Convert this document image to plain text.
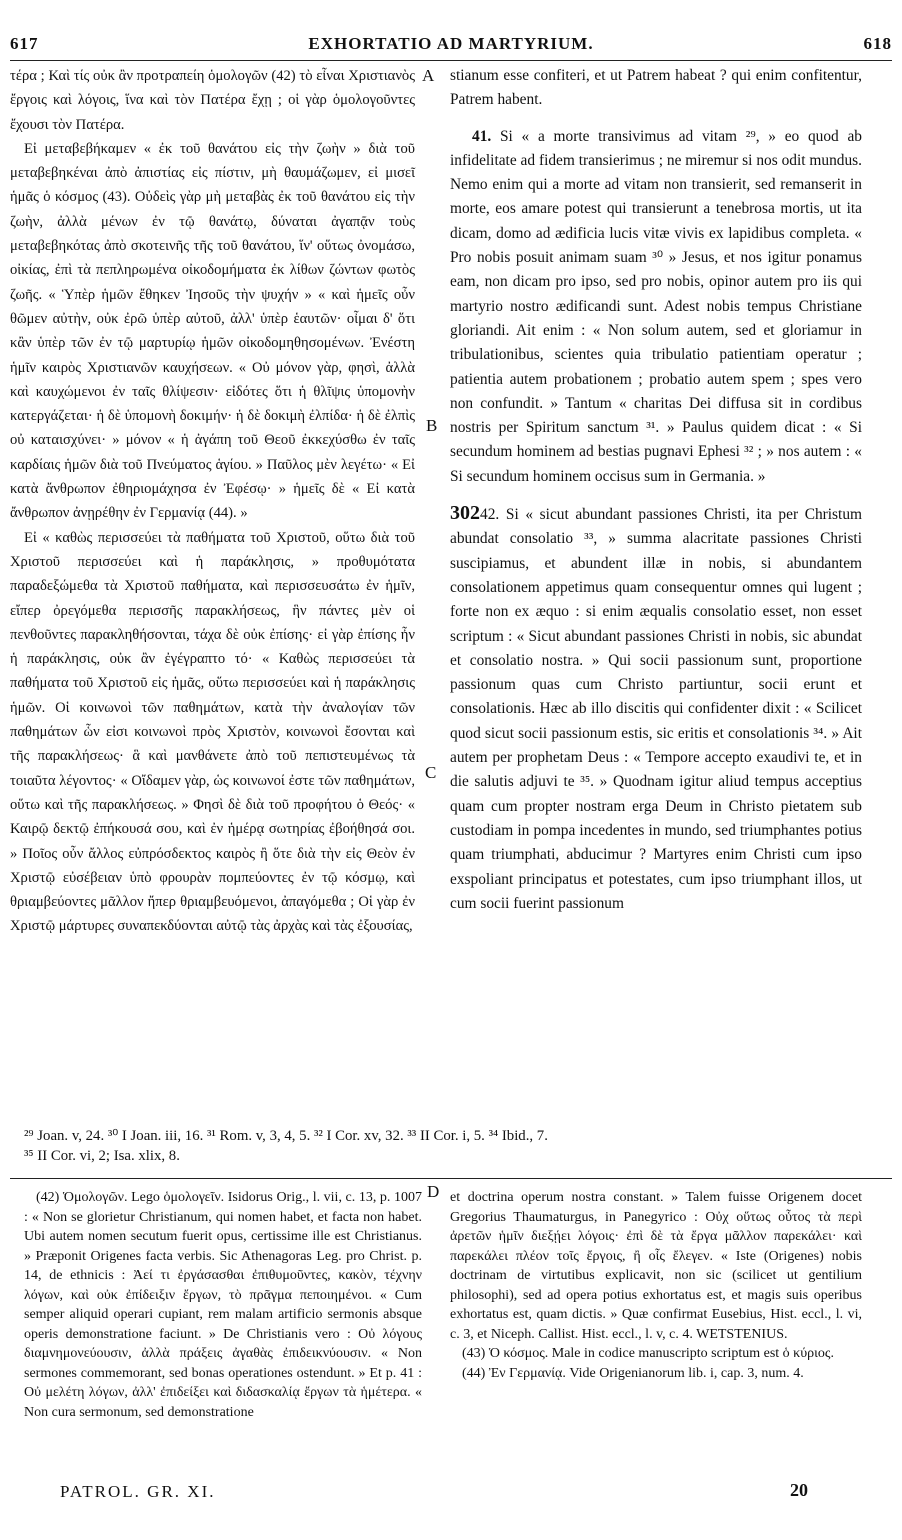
617	EXHORTATIO AD MARTYRIUM.	618

τέρα ; Καὶ τίς οὐκ ἂν προτραπείη ὁμολογῶν (42) τὸ εἶναι Χριστιανὸς ἔργοις καὶ λόγοις, ἵνα καὶ τὸν Πατέρα ἔχῃ ; οἱ γὰρ ὁμολογοῦντες ἔχουσι τὸν Πατέρα.

Εἰ μεταβεβήκαμεν « ἐκ τοῦ θανάτου εἰς τὴν ζωὴν » διὰ τοῦ μεταβεβηκέναι ἀπὸ ἀπιστίας εἰς πίστιν, μὴ θαυμάζωμεν, εἰ μισεῖ ἡμᾶς ὁ κόσμος (43). Οὐδεὶς γὰρ μὴ μεταβὰς ἐκ τοῦ θανάτου εἰς τὴν ζωὴν, ἀλλὰ μένων ἐν τῷ θανάτῳ, δύναται ἀγαπᾷν τοὺς μεταβεβηκότας ἀπὸ σκοτεινῆς τῆς τοῦ θανάτου, ἵν' οὕτως ὀνομάσω, οἰκίας, ἐπὶ τὰ πεπληρωμένα οἰκοδομήματα ἐκ λίθων ζώντων φωτὸς ζωῆς. « Ὑπὲρ ἡμῶν ἔθηκεν Ἰησοῦς τὴν ψυχήν » « καὶ ἡμεῖς οὖν θῶμεν αὐτὴν, οὐκ ἐρῶ ὑπὲρ αὐτοῦ, ἀλλ' ὑπὲρ ἑαυτῶν· οἶμαι δ' ὅτι κἂν ὑπὲρ τῶν ἐν τῷ μαρτυρίῳ ἡμῶν οἰκοδομηθησομένων. Ἐνέστη ἡμῖν καιρὸς Χριστιανῶν καυχήσεων. « Οὐ μόνον γὰρ, φησὶ, ἀλλὰ καὶ καυχώμενοι ἐν ταῖς θλίψεσιν· εἰδότες ὅτι ἡ θλῖψις ὑπομονὴν κατεργάζεται· ἡ δὲ ὑπομονὴ δοκιμήν· ἡ δὲ δοκιμὴ ἐλπίδα· ἡ δὲ ἐλπὶς οὐ καταισχύνει· » μόνον « ἡ ἀγάπη τοῦ Θεοῦ ἐκκεχύσθω ἐν ταῖς καρδίαις ἡμῶν διὰ τοῦ Πνεύματος ἁγίου. » Παῦλος μὲν λεγέτω· « Εἰ κατὰ ἄνθρωπον ἐθηριομάχησα ἐν Ἐφέσῳ· » ἡμεῖς δὲ « Εἰ κατὰ ἄνθρωπον ἀνῃρέθην ἐν Γερμανίᾳ (44). »

Εἰ « καθὼς περισσεύει τὰ παθήματα τοῦ Χριστοῦ, οὕτω διὰ τοῦ Χριστοῦ περισσεύει καὶ ἡ παράκλησις, » προθυμότατα παραδεξώμεθα τὰ Χριστοῦ παθήματα, καὶ περισσευσάτω ἐν ἡμῖν, εἴπερ ὀρεγόμεθα περισσῆς παρακλήσεως, ἣν πάντες μὲν οἱ πενθοῦντες παρακληθήσονται, τάχα δὲ οὐκ ἐπίσης· εἰ γὰρ ἐπίσης ἦν ἡ παράκλησις, οὐκ ἂν ἐγέγραπτο τό· « Καθὼς περισσεύει τὰ παθήματα τοῦ Χριστοῦ εἰς ἡμᾶς, οὕτω περισσεύει καὶ ἡ παράκλησις ἡμῶν. Οἱ κοινωνοὶ τῶν παθημάτων, κατὰ τὴν ἀναλογίαν τῶν παθημάτων ὧν εἰσι κοινωνοὶ πρὸς Χριστὸν, κοινωνοὶ ἔσονται καὶ τῆς παρακλήσεως· ἃ καὶ μανθάνετε ἀπὸ τοῦ πεπιστευμένως τὰ τοιαῦτα λέγοντος· « Οἴδαμεν γὰρ, ὡς κοινωνοί ἐστε τῶν παθημάτων, οὕτω καὶ τῆς παρακλήσεως. » Φησὶ δὲ διὰ τοῦ προφήτου ὁ Θεός· « Καιρῷ δεκτῷ ἐπήκουσά σου, καὶ ἐν ἡμέρᾳ σωτηρίας ἐβοήθησά σοι. » Ποῖος οὖν ἄλλος εὐπρόσδεκτος καιρὸς ἢ ὅτε διὰ τὴν εἰς Θεὸν ἐν Χριστῷ εὐσέβειαν ὑπὸ φρουρὰν πομπεύοντες ἐν τῷ κόσμῳ, καὶ θριαμβεύοντες μᾶλλον ἤπερ θριαμβευόμενοι, ἀπαγόμεθα ; Οἱ γὰρ ἐν Χριστῷ μάρτυρες συναπεκδύονται αὐτῷ τὰς ἀρχὰς καὶ τὰς ἐξουσίας,

A
B
C
D

stianum esse confiteri, et ut Patrem habeat ? qui enim confitentur, Patrem habent.

41. Si « a morte transivimus ad vitam ²⁹, » eo quod ab infidelitate ad fidem transierimus ; ne miremur si nos odit mundus. Nemo enim qui a morte ad vitam non transierit, sed remanserit in morte, eos amare potest qui transierunt a tenebrosa mortis, ut ita dicam, domo ad ædificia lucis vitæ vivis ex lapidibus completa. « Pro nobis posuit animam suam ³⁰ » Jesus, et nos igitur ponamus eam, non dicam pro ipso, sed pro nobis, opinor autem pro iis qui martyrio nostro ædificandi sunt. Adest nobis tempus Christiane gloriandi. Ait enim : « Non solum autem, sed et gloriamur in tribulationibus, scientes quia tribulatio patientiam operatur ; patientia autem probationem ; probatio autem spem ; spes vero non confundit. » Tantum « charitas Dei diffusa sit in cordibus nostris per Spiritum sanctum ³¹. » Paulus quidem dicat : « Si secundum hominem ad bestias pugnavi Ephesi ³² ; » nos autem : « Si secundum hominem occisus sum in Germania. »

30242. Si « sicut abundant passiones Christi, ita per Christum abundat consolatio ³³, » summa alacritate passiones Christi suscipiamus, et abundent illæ in nobis, si abundantem consolationem appetimus quam consequentur omnes qui lugent ; forte non ex æquo : si enim æqualis consolatio esset, non esset scriptum : « Sicut abundant passiones Christi in nobis, sic abundat et consolatio nostra. » Qui socii passionum sunt, proportione passionum quas cum Christo partiuntur, socii erunt et consolationis. Hæc ab illo discitis qui confidenter dixit : « Scilicet quod sicut socii passionum estis, sic eritis et consolationis ³⁴. » Ait autem per prophetam Deus : « Tempore accepto exaudivi te, et in die salutis adjuvi te ³⁵. » Quodnam igitur aliud tempus acceptius quam cum propter nostram erga Deum in Christo pietatem sub custodiam in pompa incedentes in mundo, sed triumphantes potius quam triumphati, abducimur ? Martyres enim Christi cum ipso exspoliant principatus et potestates, cum ipso triumphant illos, ut cum socii fuerint passionum

²⁹ Joan. v, 24. ³⁰ I Joan. iii, 16. ³¹ Rom. v, 3, 4, 5. ³² I Cor. xv, 32. ³³ II Cor. i, 5. ³⁴ Ibid., 7.
³⁵ II Cor. vi, 2; Isa. xlix, 8.

(42) Ὁμολογῶν. Lego ὁμολογεῖν. Isidorus Orig., l. vii, c. 13, p. 1007 : « Non se glorietur Christianum, qui nomen habet, et facta non habet. Ubi autem nomen secutum fuerit opus, certissime ille est Christianus. » Præponit Origenes facta verbis. Sic Athenagoras Leg. pro Christ. p. 14, de ethnicis : Ἀεί τι ἐργάσασθαι ἐπιθυμοῦντες, κακὸν, τέχνην λόγων, καὶ οὐκ ἐπίδειξιν ἔργων, τὸ πρᾶγμα πεποιημένοι. « Cum semper aliquid operari cupiant, rem malam artificio sermonis absque operis demonstratione faciunt. » De Christianis vero : Οὐ λόγους διαμνημονεύουσιν, ἀλλὰ πράξεις ἀγαθὰς ἐπιδεικνύουσιν. « Non sermones commemorant, sed bonas operationes ostendunt. » Et p. 41 : Οὐ μελέτη λόγων, ἀλλ' ἐπιδείξει καὶ διδασκαλίᾳ ἔργων τὰ ἡμέτερα. « Non cura sermonum, sed demonstratione

et doctrina operum nostra constant. » Talem fuisse Origenem docet Gregorius Thaumaturgus, in Panegyrico : Οὐχ οὕτως οὗτος τὰ περὶ ἀρετῶν ἡμῖν διεξῄει λόγοις· ἐπὶ δὲ τὰ ἔργα μᾶλλον παρεκάλει· καὶ παρεκάλει πλέον τοῖς ἔργοις, ἢ οἷς ἔλεγεν. « Iste (Origenes) nobis doctrinam de virtutibus explicavit, non sic (scilicet ut gentilium philosophi), sed ad opera potius exhortatus est, et magis suis operibus exhortatus est, quam dictis. » Quæ confirmat Eusebius, Hist. eccl., l. vi, c. 3, et Niceph. Callist. Hist. eccl., l. v, c. 4. WETSTENIUS.

(43) Ὁ κόσμος. Male in codice manuscripto scriptum est ὁ κύριος.

(44) Ἐν Γερμανίᾳ. Vide Origenianorum lib. i, cap. 3, num. 4.

PATROL. GR. XI.	20
